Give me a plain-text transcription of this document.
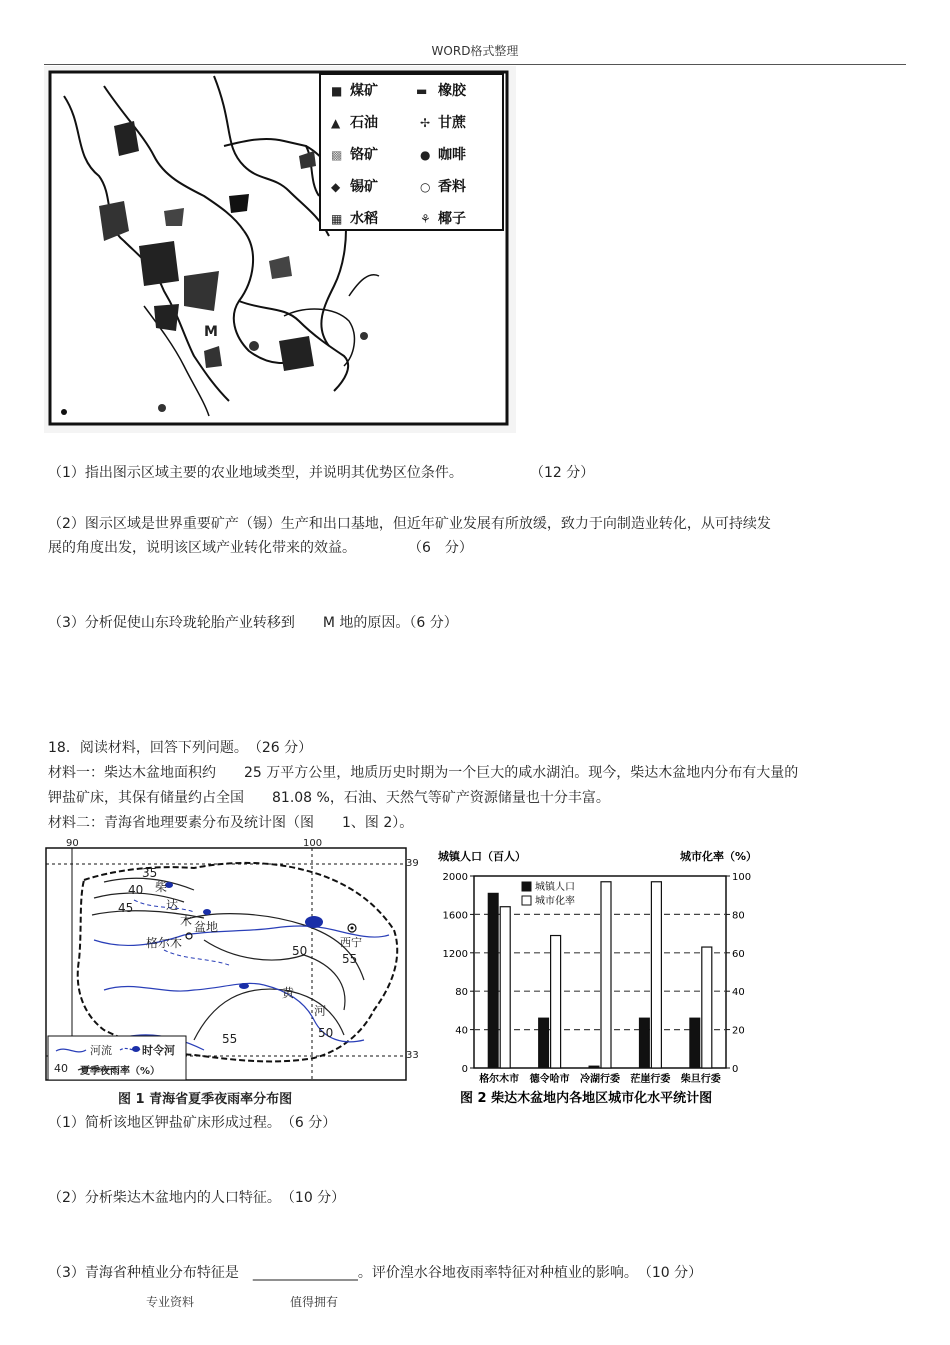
WORD格式整理
■ 煤矿	▬ 橡胶
▲ 石油	✢ 甘蔗
▩ 铬矿	● 咖啡
◆ 锡矿	○ 香料
▦ 水稻	⚘ 椰子
M
（1）指出图示区域主要的农业地域类型，并说明其优势区位条件。	（12 分）
（2）图示区域是世界重要矿产（锡）生产和出口基地，但近年矿业发展有所放缓，致力于向制造业转化，从可持续发
展的角度出发，说明该区域产业转化带来的效益。	（6　分）
（3）分析促使山东玲珑轮胎产业转移到　　M 地的原因。（6 分）
18．阅读材料，回答下列问题。　（26 分）
材料一：柴达木盆地面积约　　25 万平方公里，地质历史时期为一个巨大的咸水湖泊。现今，柴达木盆地内分布有大量的
钾盐矿床，其保有储量约占全国　　81.08 %，石油、天然气等矿产资源储量也十分丰富。
材料二：青海省地理要素分布及统计图（图　　1、图 2）。
90	100
39
33
35
40
45
50
55
50
55
柴
达
木 盆地
格尔木	西宁
黄
河
河流	时令河
40 夏季夜雨率（%）
图 1 青海省夏季夜雨率分布图
城镇人口（百人）	城市化率（%）
0
20
40
60
80
100
0
40
80
1200
1600
2000
格尔木市 德令哈市 冷湖行委 茫崖行委 柴旦行委
城镇人口
城市化率
图 2 柴达木盆地内各地区城市化水平统计图
（1）简析该地区钾盐矿床形成过程。　（6 分）
（2）分析柴达木盆地内的人口特征。　（10 分）
（3）青海省种植业分布特征是　_______________。评价湟水谷地夜雨率特征对种植业的影响。　（10 分）
专业资料	值得拥有
